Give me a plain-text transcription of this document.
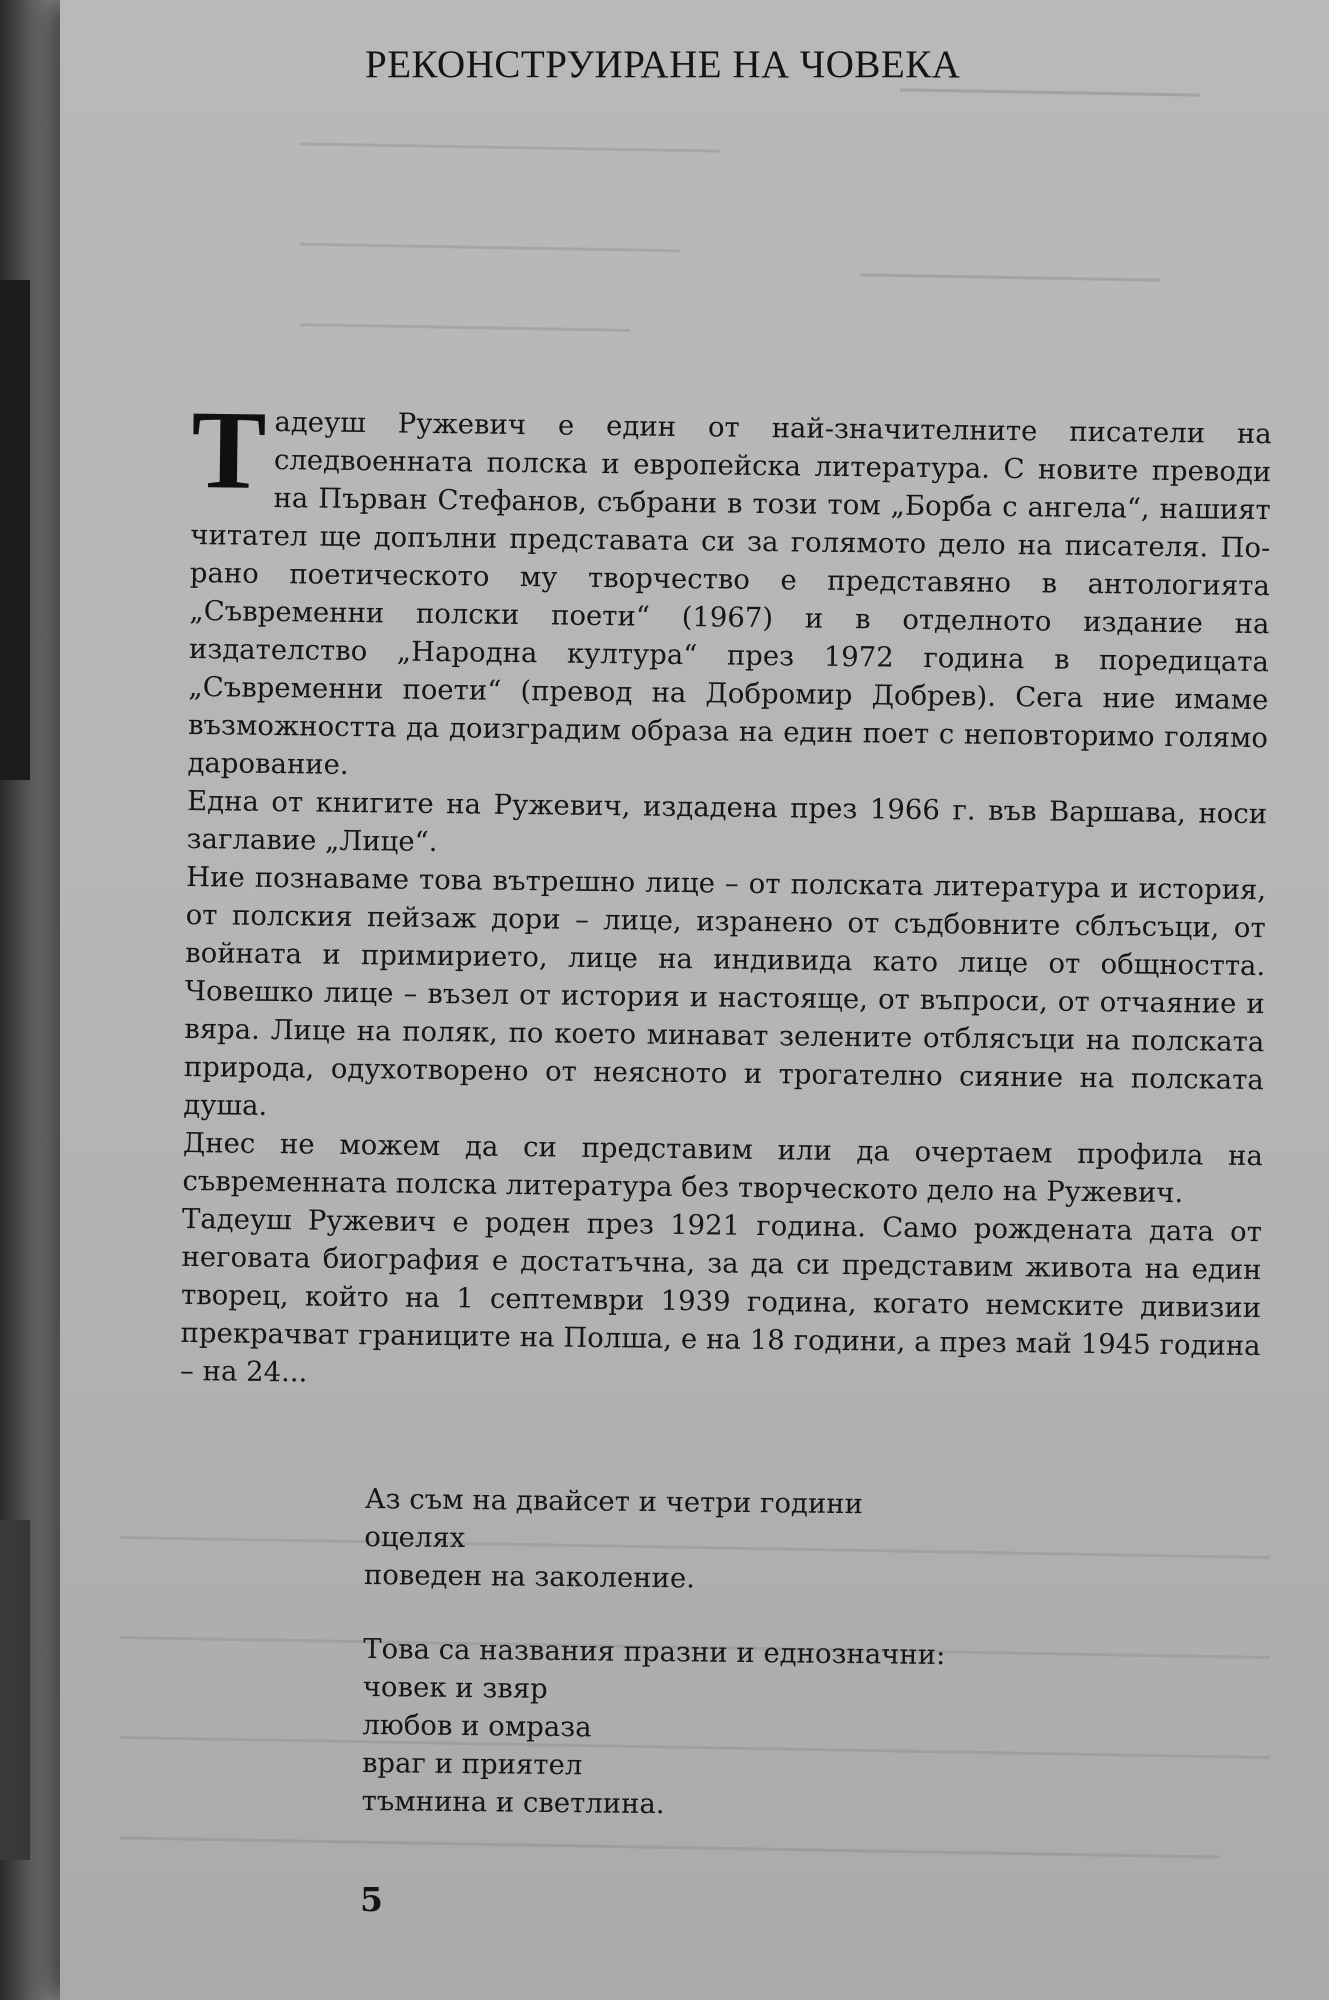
РЕКОНСТРУИРАНЕ НА ЧОВЕКА

Тадеуш Ружевич е един от най-значителните писатели на следвоенната полска и европейска литература. С новите преводи на Първан Стефанов, събрани в този том „Борба с ангела“, нашият читател ще допълни представата си за голямото дело на писателя. По-рано поетическото му творчество е представяно в антологията „Съвременни полски поети“ (1967) и в отделното издание на издателство „Народна култура“ през 1972 година в поредицата „Съвременни поети“ (превод на Добромир Добрев). Сега ние имаме възможността да доизградим образа на един поет с неповторимо голямо дарование.

Една от книгите на Ружевич, издадена през 1966 г. във Варшава, носи заглавие „Лице“.

Ние познаваме това вътрешно лице – от полската литература и история, от полския пейзаж дори – лице, изранено от съдбовните сблъсъци, от войната и примирието, лице на индивида като лице от общността. Човешко лице – възел от история и настояще, от въпроси, от отчаяние и вяра. Лице на поляк, по което минават зелените отблясъци на полската природа, одухотворено от неясното и трогателно сияние на полската душа.

Днес не можем да си представим или да очертаем профила на съвременната полска литература без творческото дело на Ружевич.

Тадеуш Ружевич е роден през 1921 година. Само рождената дата от неговата биография е достатъчна, за да си представим живота на един творец, който на 1 септември 1939 година, когато немските дивизии прекрачват границите на Полша, е на 18 години, а през май 1945 година – на 24...

Аз съм на двайсет и четри години
оцелях
поведен на заколение.
Това са названия празни и еднозначни:
човек и звяр
любов и омраза
враг и приятел
тъмнина и светлина.
5
